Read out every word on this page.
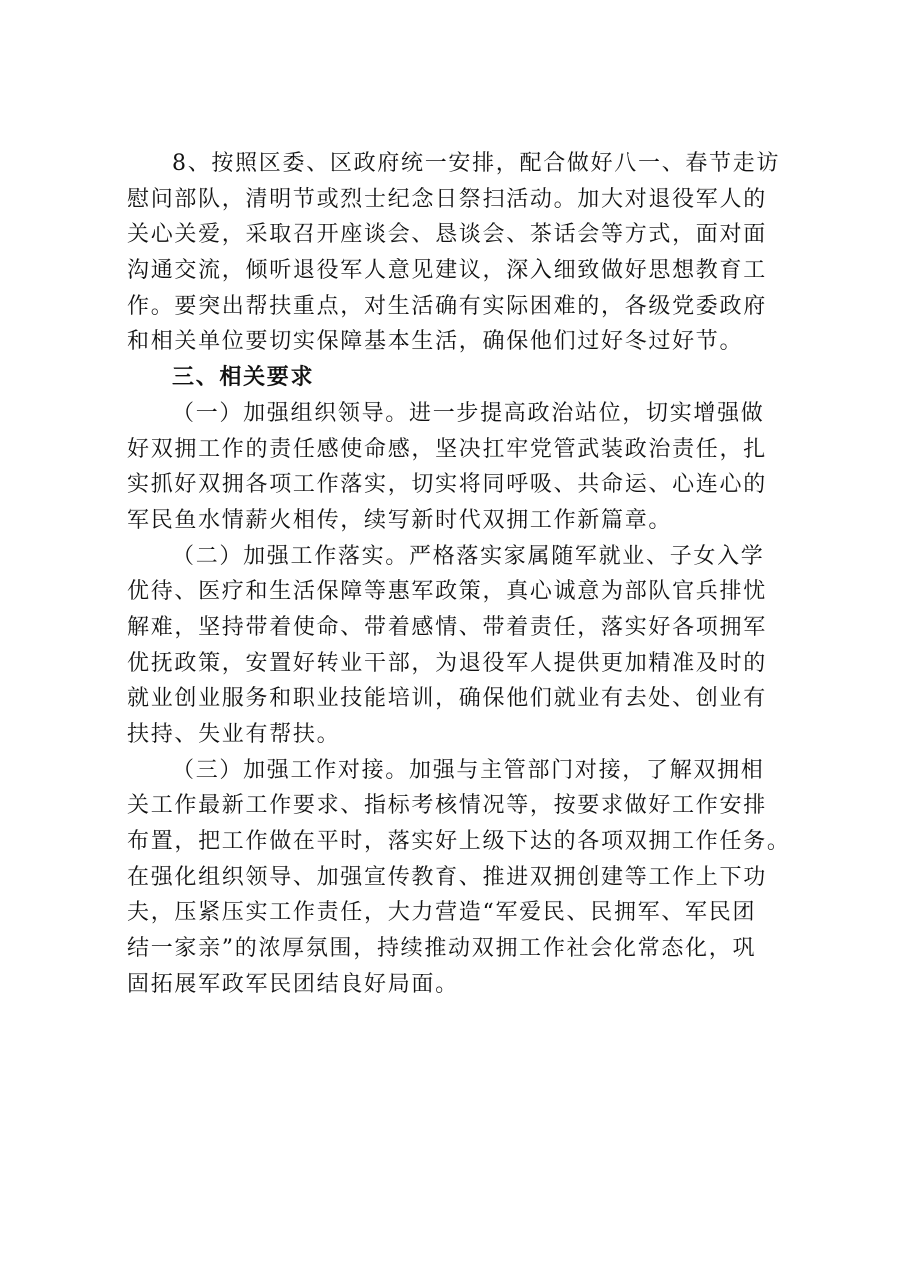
8、按照区委、区政府统一安排，配合做好八一、春节走访
慰问部队，清明节或烈士纪念日祭扫活动。加大对退役军人的
关心关爱，采取召开座谈会、恳谈会、茶话会等方式，面对面
沟通交流，倾听退役军人意见建议，深入细致做好思想教育工
作。要突出帮扶重点，对生活确有实际困难的，各级党委政府
和相关单位要切实保障基本生活，确保他们过好冬过好节。
三、相关要求
（一）加强组织领导。进一步提高政治站位，切实增强做
好双拥工作的责任感使命感，坚决扛牢党管武装政治责任，扎
实抓好双拥各项工作落实，切实将同呼吸、共命运、心连心的
军民鱼水情薪火相传，续写新时代双拥工作新篇章。
（二）加强工作落实。严格落实家属随军就业、子女入学
优待、医疗和生活保障等惠军政策，真心诚意为部队官兵排忧
解难，坚持带着使命、带着感情、带着责任，落实好各项拥军
优抚政策，安置好转业干部，为退役军人提供更加精准及时的
就业创业服务和职业技能培训，确保他们就业有去处、创业有
扶持、失业有帮扶。
（三）加强工作对接。加强与主管部门对接，了解双拥相
关工作最新工作要求、指标考核情况等，按要求做好工作安排
布置，把工作做在平时，落实好上级下达的各项双拥工作任务。
在强化组织领导、加强宣传教育、推进双拥创建等工作上下功
夫，压紧压实工作责任，大力营造“军爱民、民拥军、军民团
结一家亲”的浓厚氛围，持续推动双拥工作社会化常态化，巩
固拓展军政军民团结良好局面。
